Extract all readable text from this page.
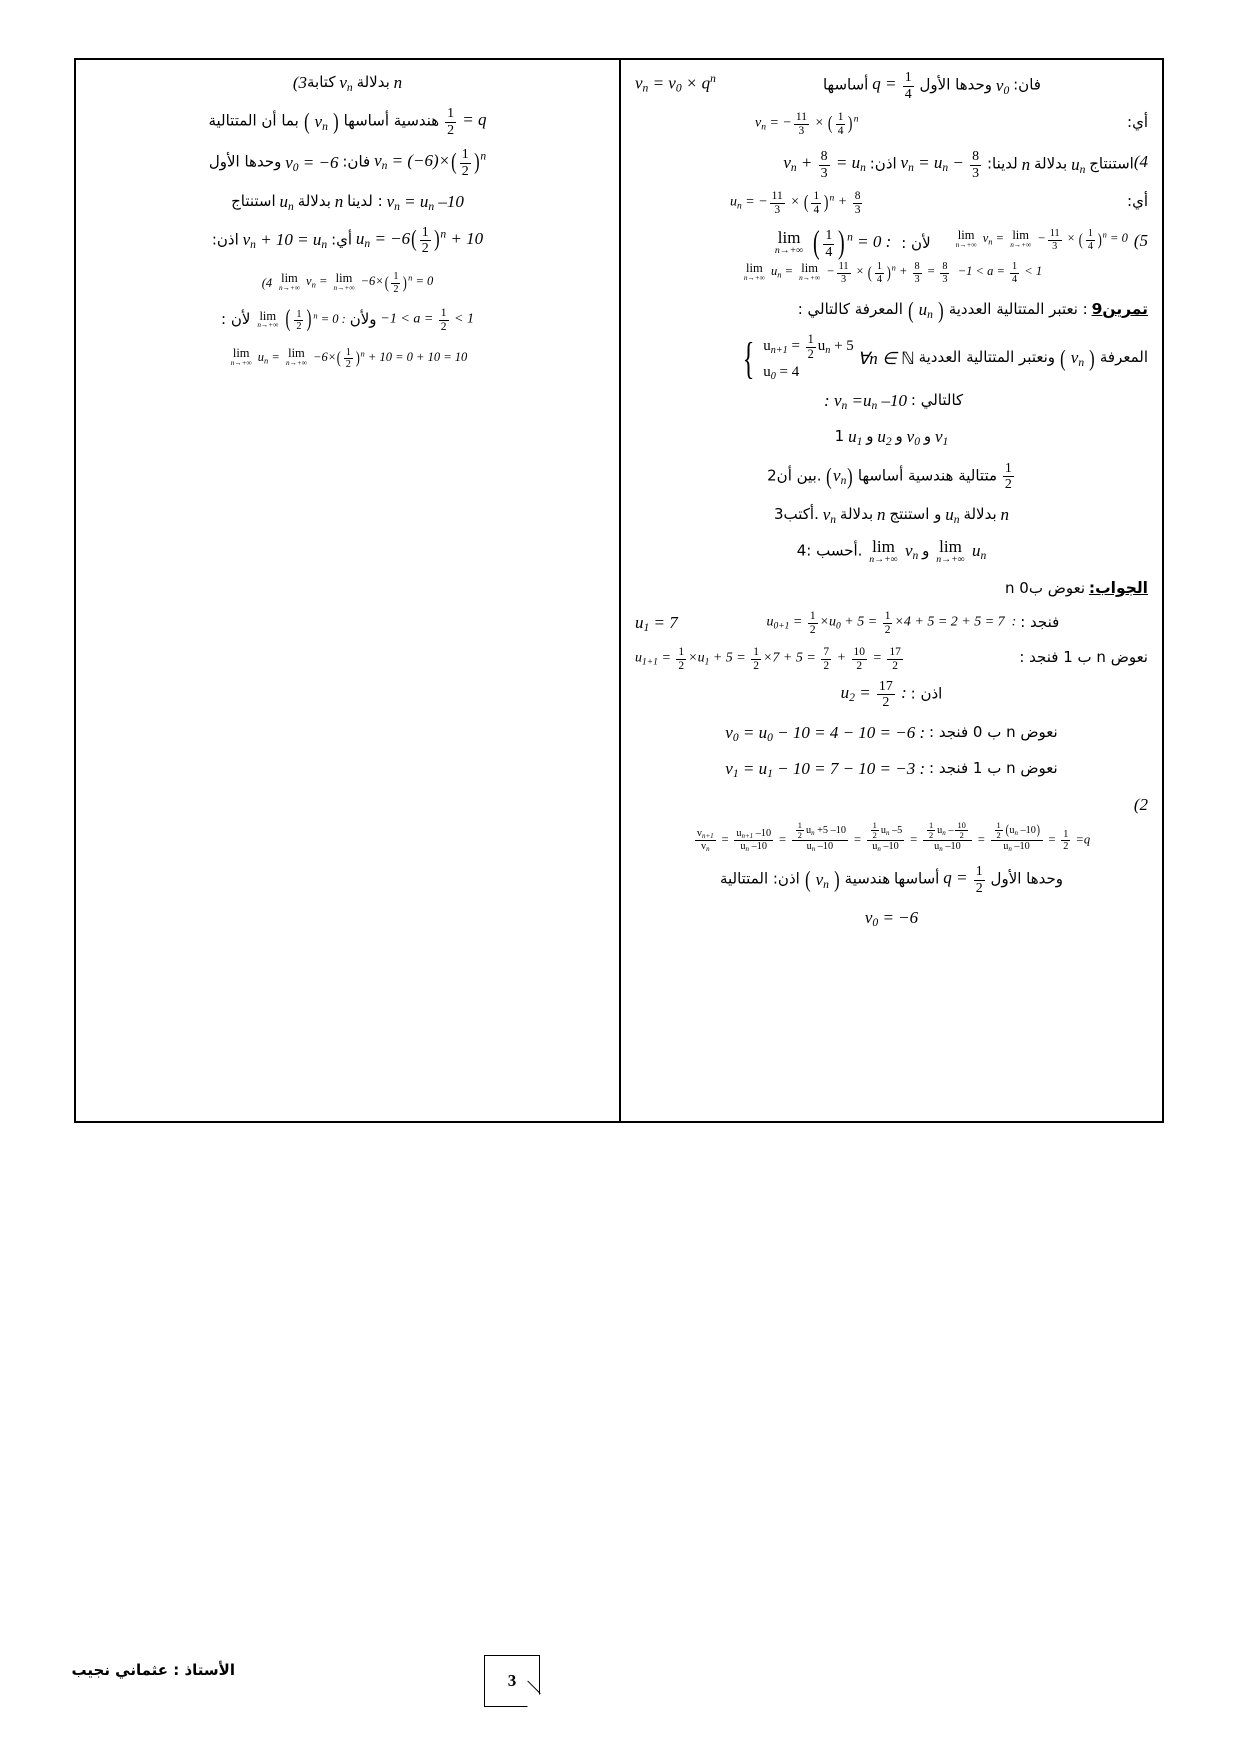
فان: $v_0$ وحدها الأول $q = \frac{1}{4}$
أساسها
$v_n = v_0 \times q^n$
أي:
$v_n$ = − $\frac{11}{3}$ × ( $\frac{1}{4} )^n$
(4
استنتاج $u_n$ بدلالة n لدينا: $v_n = u_n - \frac{8}{3}$
اذن: $v_n + \frac{8}{3} = u_n$
أي:
$u_n$ = − $\frac{11}{3}$ × ( $\frac{1}{4} )^n + \frac{8}{3}$
(5
lim
n→+∞ $v_n = \lim$
$n\to+\infty - \frac{11}{3}$ × ( $\frac{1}{4} )^n = 0$
لأن :
lim
n→+∞ ( $\frac{1}{4}$ ) $^n$ = 0 :
lim
n→+∞ $u_n = \lim$
$n\to+\infty - \frac{11}{3}$ × ( $\frac{1}{4} )^n + \frac{8}{3} = \frac{8}{3} -1 < a = \frac{1}{4} < 1$
تمرين9 : نعتبر المتتالية العددية ( $u_n$ ) المعرفة كالتالي :
المعرفة ( $v_n$ ) ونعتبر المتتالية العددية ∀n ∈ ℕ { $u_{n+1} = \frac{1}{2} u_n + 5$
$u_0 = 4$
كالتالي :  : $v_n =u_n$ –10
$v_1$ و $v_0$ و $u_2$ و $u_1$ 1
$\frac{1}{2}$
متتالية هندسية أساسها $(v_n)$ .بين أن2
n بدلالة $u_n$ و استنتج n بدلالة $v_n$ .أكتب3
lim
n→+∞ $u_n$ و
lim
n→+∞ $v_n$ .أحسب :4
الجواب: نعوض بn 0
$u_1 = 7$	فنجد : $u_{0+1} = \frac{1}{2} \times u_0 + 5 = \frac{1}{2} \times 4 + 5 = 2 + 5 = 7$  :
نعوض n ب 1 فنجد :
$u_{1+1} = \frac{1}{2} \times u_1 + 5 = \frac{1}{2} \times 7 + 5 = \frac{7}{2} + \frac{10}{2} = \frac{17}{2}$
اذن : $u_2 = \frac{17}{2}$ :
نعوض n ب 0 فنجد : $v_0 = u_0 - 10 = 4 - 10 = -6$ :
نعوض n ب 1 فنجد : $v_1 = u_1 - 10 = 7 - 10 = -3$ :
(2
$\frac{v_{n+1}}{v_n} = \frac{u_{n+1} -10}{u_n -10} = \frac{\frac{1}{2} u_n +5 -10}{u_n -10} = \frac{\frac{1}{2} u_n -5}{u_n -10} = \frac{\frac{1}{2} u_n - \frac{10}{2}}{u_n -10} = \frac{\frac{1}{2} (u_n -10)}{u_n -10} = \frac{1}{2} =q$
وحدها الأول $q = \frac{1}{2}$
أساسها هندسية ( $v_n$ ) اذن: المتتالية
$v_0 = -6$
n بدلالة $v_n$ كتابة(3
$\frac{1}{2} = q$ هندسية أساسها ( $v_n$ ) بما أن المتتالية
$v_n = (-6)\times( \frac{1}{2} )^n$ فان: $v_0 = -6$ وحدها الأول
$v_n = u_n$ –10 : لدينا n بدلالة $u_n$ استنتاج
$u_n = -6( \frac{1}{2} )^n + 10$ أي: $v_n + 10 = u_n$ اذن:
lim
n→+∞ $v_n = \lim$
$n\to+\infty -6\times( \frac{1}{2} )^n = 0$ (4
$-1 < a = \frac{1}{2} < 1$ ولأن
lim
n→+∞ ( $\frac{1}{2}$ ) $^n$ = 0 : لأن :
lim
n→+∞ $u_n = \lim$
$n\to+\infty -6\times( \frac{1}{2} )^n + 10 = 0 + 10 = 10$
الأستاذ : عثماني نجيب
3
